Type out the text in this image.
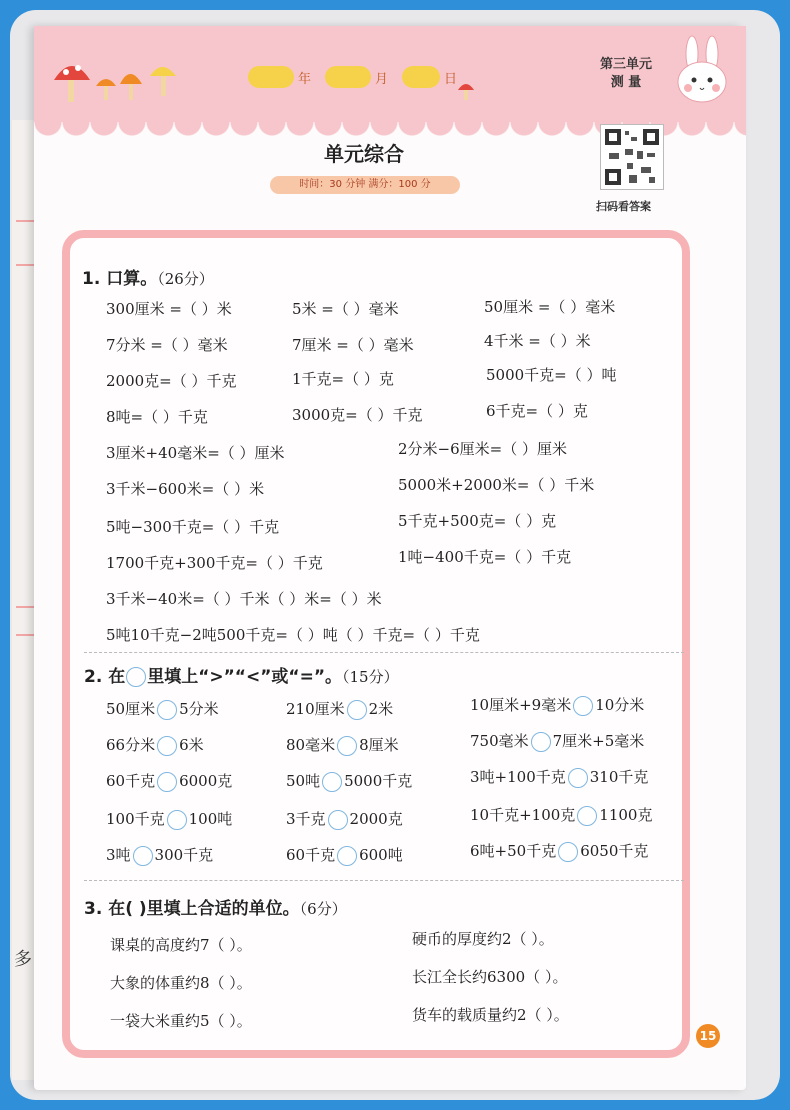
多
年	月	日
第三单元
测 量
单元综合
时间：30 分钟 满分：100 分
扫码看答案
1. 口算。（26分）
300厘米 =（ ）米	5米 =（ ）毫米	50厘米 =（ ）毫米
7分米 =（ ）毫米	7厘米 =（ ）毫米	4千米 =（ ）米
2000克=（ ）千克	1千克=（ ）克	5000千克=（ ）吨
8吨=（ ）千克	3000克=（ ）千克	6千克=（ ）克
3厘米+40毫米=（ ）厘米	2分米−6厘米=（ ）厘米
3千米−600米=（ ）米	5000米+2000米=（ ）千米
5吨−300千克=（ ）千克	5千克+500克=（ ）克
1700千克+300千克=（ ）千克	1吨−400千克=（ ）千克
3千米−40米=（ ）千米（ ）米=（ ）米
5吨10千克−2吨500千克=（ ）吨（ ）千克=（ ）千克
2. 在 里填上“>”“<”或“=”。（15分）
50厘米 5分米	210厘米 2米	10厘米+9毫米 10分米
66分米 6米	80毫米 8厘米	750毫米 7厘米+5毫米
60千克 6000克	50吨 5000千克	3吨+100千克 310千克
100千克 100吨	3千克 2000克	10千克+100克 1100克
3吨 300千克	60千克 600吨	6吨+50千克 6050千克
3. 在( )里填上合适的单位。（6分）
课桌的高度约7（ ）。	硬币的厚度约2（ ）。
大象的体重约8（ ）。	长江全长约6300（ ）。
一袋大米重约5（ ）。	货车的载质量约2（ ）。
15
